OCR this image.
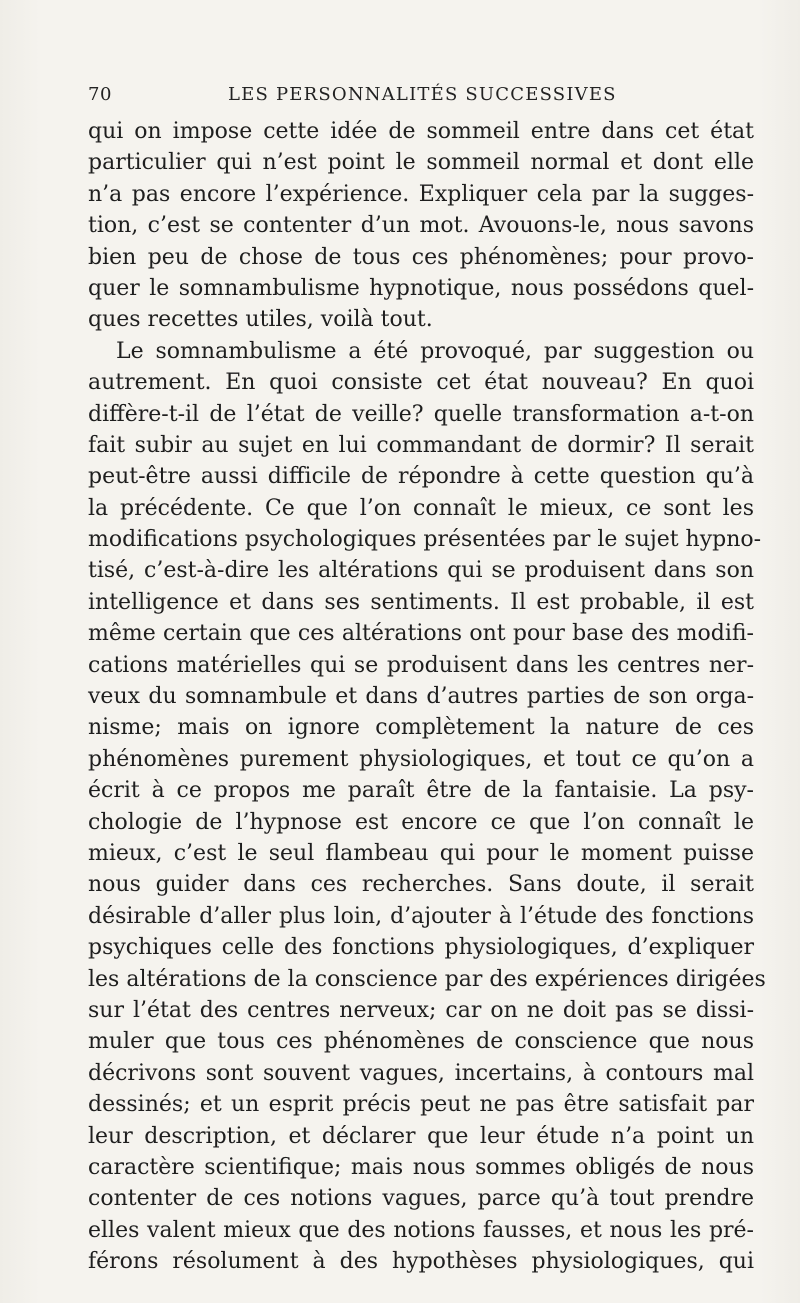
70	LES PERSONNALITÉS SUCCESSIVES
qui on impose cette idée de sommeil entre dans cet état
particulier qui n’est point le sommeil normal et dont elle
n’a pas encore l’expérience. Expliquer cela par la sugges-
tion, c’est se contenter d’un mot. Avouons-le, nous savons
bien peu de chose de tous ces phénomènes; pour provo-
quer le somnambulisme hypnotique, nous possédons quel-
ques recettes utiles, voilà tout.
Le somnambulisme a été provoqué, par suggestion ou
autrement. En quoi consiste cet état nouveau? En quoi
diffère-t-il de l’état de veille? quelle transformation a-t-on
fait subir au sujet en lui commandant de dormir? Il serait
peut-être aussi difficile de répondre à cette question qu’à
la précédente. Ce que l’on connaît le mieux, ce sont les
modifications psychologiques présentées par le sujet hypno-
tisé, c’est-à-dire les altérations qui se produisent dans son
intelligence et dans ses sentiments. Il est probable, il est
même certain que ces altérations ont pour base des modifi-
cations matérielles qui se produisent dans les centres ner-
veux du somnambule et dans d’autres parties de son orga-
nisme; mais on ignore complètement la nature de ces
phénomènes purement physiologiques, et tout ce qu’on a
écrit à ce propos me paraît être de la fantaisie. La psy-
chologie de l’hypnose est encore ce que l’on connaît le
mieux, c’est le seul flambeau qui pour le moment puisse
nous guider dans ces recherches. Sans doute, il serait
désirable d’aller plus loin, d’ajouter à l’étude des fonctions
psychiques celle des fonctions physiologiques, d’expliquer
les altérations de la conscience par des expériences dirigées
sur l’état des centres nerveux; car on ne doit pas se dissi-
muler que tous ces phénomènes de conscience que nous
décrivons sont souvent vagues, incertains, à contours mal
dessinés; et un esprit précis peut ne pas être satisfait par
leur description, et déclarer que leur étude n’a point un
caractère scientifique; mais nous sommes obligés de nous
contenter de ces notions vagues, parce qu’à tout prendre
elles valent mieux que des notions fausses, et nous les pré-
férons résolument à des hypothèses physiologiques, qui
